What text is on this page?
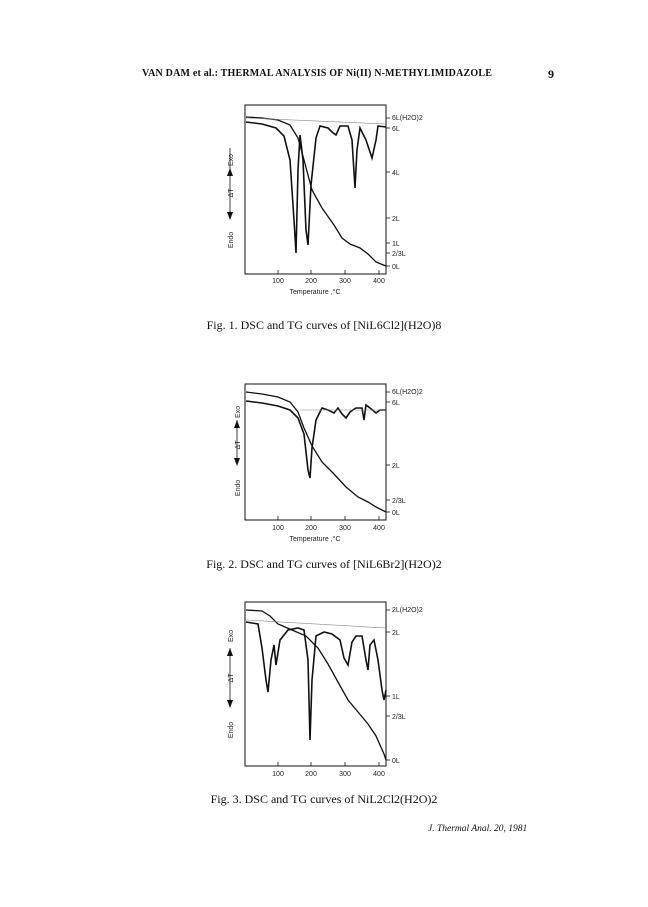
VAN DAM et al.: THERMAL ANALYSIS OF Ni(II) N-METHYLIMIDAZOLE	9
Exo
ΔT
Endo
100	200	300	400
Temperature ,°C
6L(H2O)2
6L
4L
2L
1L
2/3L
0L
Fig. 1. DSC and TG curves of [NiL6Cl2](H2O)8
Exo
ΔT
Endo
100	200	300	400
Temperature ,°C
6L(H2O)2
6L
2L
2/3L
0L
Fig. 2. DSC and TG curves of [NiL6Br2](H2O)2
Exo
ΔT
Endo
100	200	300	400
2L(H2O)2
2L
1L
2/3L
0L
Fig. 3. DSC and TG curves of NiL2Cl2(H2O)2
J. Thermal Anal. 20, 1981
